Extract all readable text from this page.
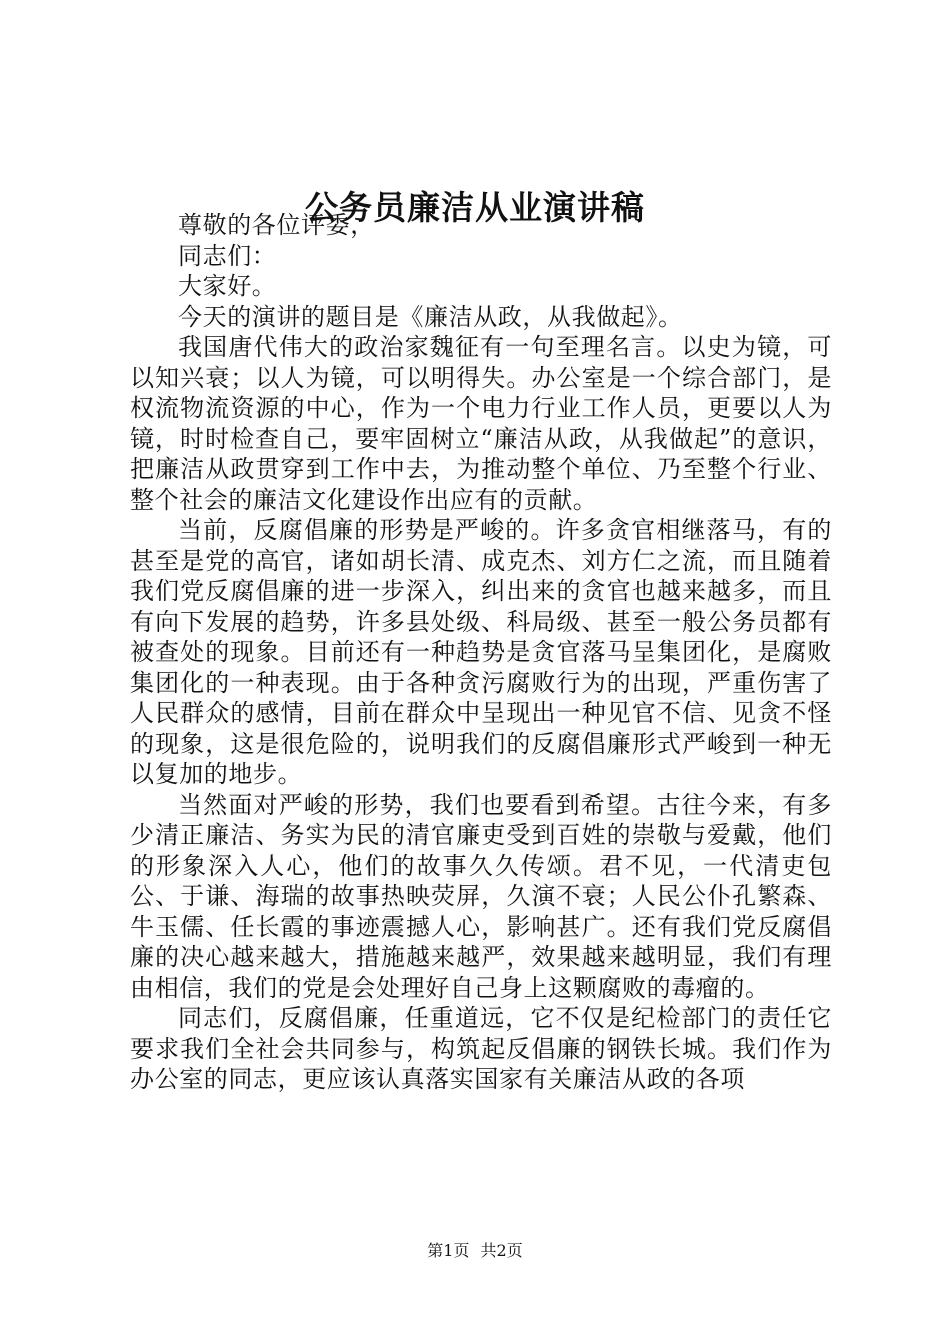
公务员廉洁从业演讲稿

尊敬的各位评委，

同志们：

大家好。

今天的演讲的题目是《廉洁从政，从我做起》。

我国唐代伟大的政治家魏征有一句至理名言。以史为镜，可以知兴衰；以人为镜，可以明得失。办公室是一个综合部门，是权流物流资源的中心，作为一个电力行业工作人员，更要以人为镜，时时检查自己，要牢固树立“廉洁从政，从我做起”的意识，把廉洁从政贯穿到工作中去，为推动整个单位、乃至整个行业、整个社会的廉洁文化建设作出应有的贡献。

当前，反腐倡廉的形势是严峻的。许多贪官相继落马，有的甚至是党的高官，诸如胡长清、成克杰、刘方仁之流，而且随着我们党反腐倡廉的进一步深入，纠出来的贪官也越来越多，而且有向下发展的趋势，许多县处级、科局级、甚至一般公务员都有被查处的现象。目前还有一种趋势是贪官落马呈集团化，是腐败集团化的一种表现。由于各种贪污腐败行为的出现，严重伤害了人民群众的感情，目前在群众中呈现出一种见官不信、见贪不怪的现象，这是很危险的，说明我们的反腐倡廉形式严峻到一种无以复加的地步。

当然面对严峻的形势，我们也要看到希望。古往今来，有多少清正廉洁、务实为民的清官廉吏受到百姓的崇敬与爱戴，他们的形象深入人心，他们的故事久久传颂。君不见，一代清吏包公、于谦、海瑞的故事热映荧屏，久演不衰；人民公仆孔繁森、牛玉儒、任长霞的事迹震撼人心，影响甚广。还有我们党反腐倡廉的决心越来越大，措施越来越严，效果越来越明显，我们有理由相信，我们的党是会处理好自己身上这颗腐败的毒瘤的。

同志们，反腐倡廉，任重道远，它不仅是纪检部门的责任它要求我们全社会共同参与，构筑起反倡廉的钢铁长城。我们作为办公室的同志，更应该认真落实国家有关廉洁从政的各项

第1页 共2页
